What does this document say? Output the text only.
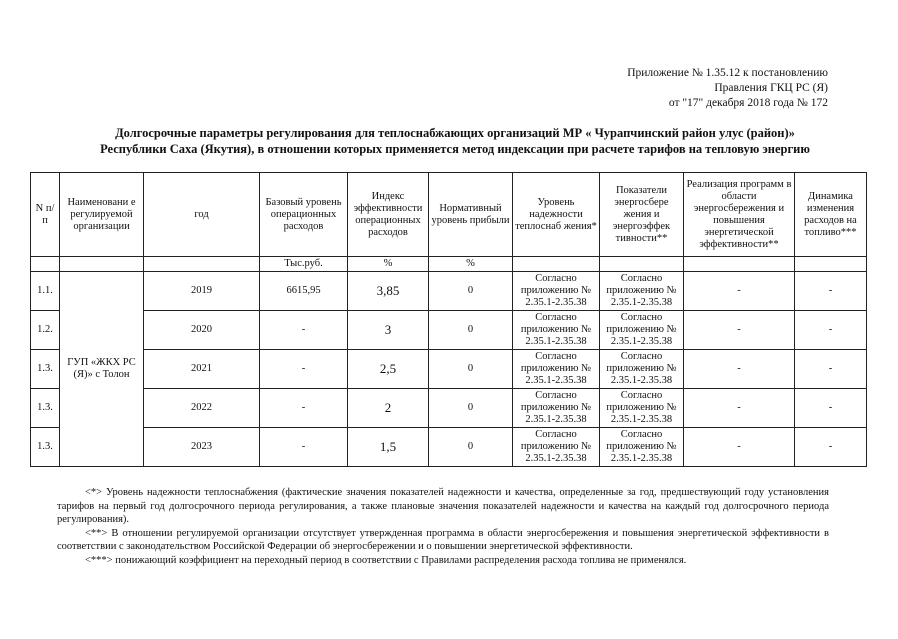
Приложение № 1.35.12 к постановлению
Правления ГКЦ РС (Я)
от "17" декабря 2018 года № 172
Долгосрочные параметры регулирования для теплоснабжающих организаций МР « Чурапчинский район улус (район)» Республики Саха (Якутия), в отношении которых применяется метод индексации при расчете тарифов на тепловую энергию
N п/п	Наименовани е регулируемой организации	год	Базовый уровень операционных расходов	Индекс эффективности операционных расходов	Нормативный уровень прибыли	Уровень надежности теплоснаб жения*	Показатели энергосбере жения и энергоэффек тивности**	Реализация программ в области энергосбережения и повышения энергетической эффективности**	Динамика изменения расходов на топливо***
			Тыс.руб.	%	%				
1.1.	ГУП «ЖКХ РС (Я)» с Толон	2019	6615,95	3,85	0	Согласно приложению № 2.35.1-2.35.38	Согласно приложению № 2.35.1-2.35.38	-	-
1.2.		2020	-	3	0	Согласно приложению № 2.35.1-2.35.38	Согласно приложению № 2.35.1-2.35.38	-	-
1.3.		2021	-	2,5	0	Согласно приложению № 2.35.1-2.35.38	Согласно приложению № 2.35.1-2.35.38	-	-
1.3.		2022	-	2	0	Согласно приложению № 2.35.1-2.35.38	Согласно приложению № 2.35.1-2.35.38	-	-
1.3.		2023	-	1,5	0	Согласно приложению № 2.35.1-2.35.38	Согласно приложению № 2.35.1-2.35.38	-	-

<*> Уровень надежности теплоснабжения (фактические значения показателей надежности и качества, определенные за год, предшествующий году установления тарифов на первый год долгосрочного периода регулирования, а также плановые значения показателей надежности и качества на каждый год долгосрочного периода регулирования).

<**> В отношении регулируемой организации отсутствует утвержденная программа в области энергосбережения и повышения энергетической эффективности в соответствии с законодательством Российской Федерации об энергосбережении и о повышении энергетической эффективности.

<***> понижающий коэффициент на переходный период в соответствии с Правилами распределения расхода топлива не применялся.
